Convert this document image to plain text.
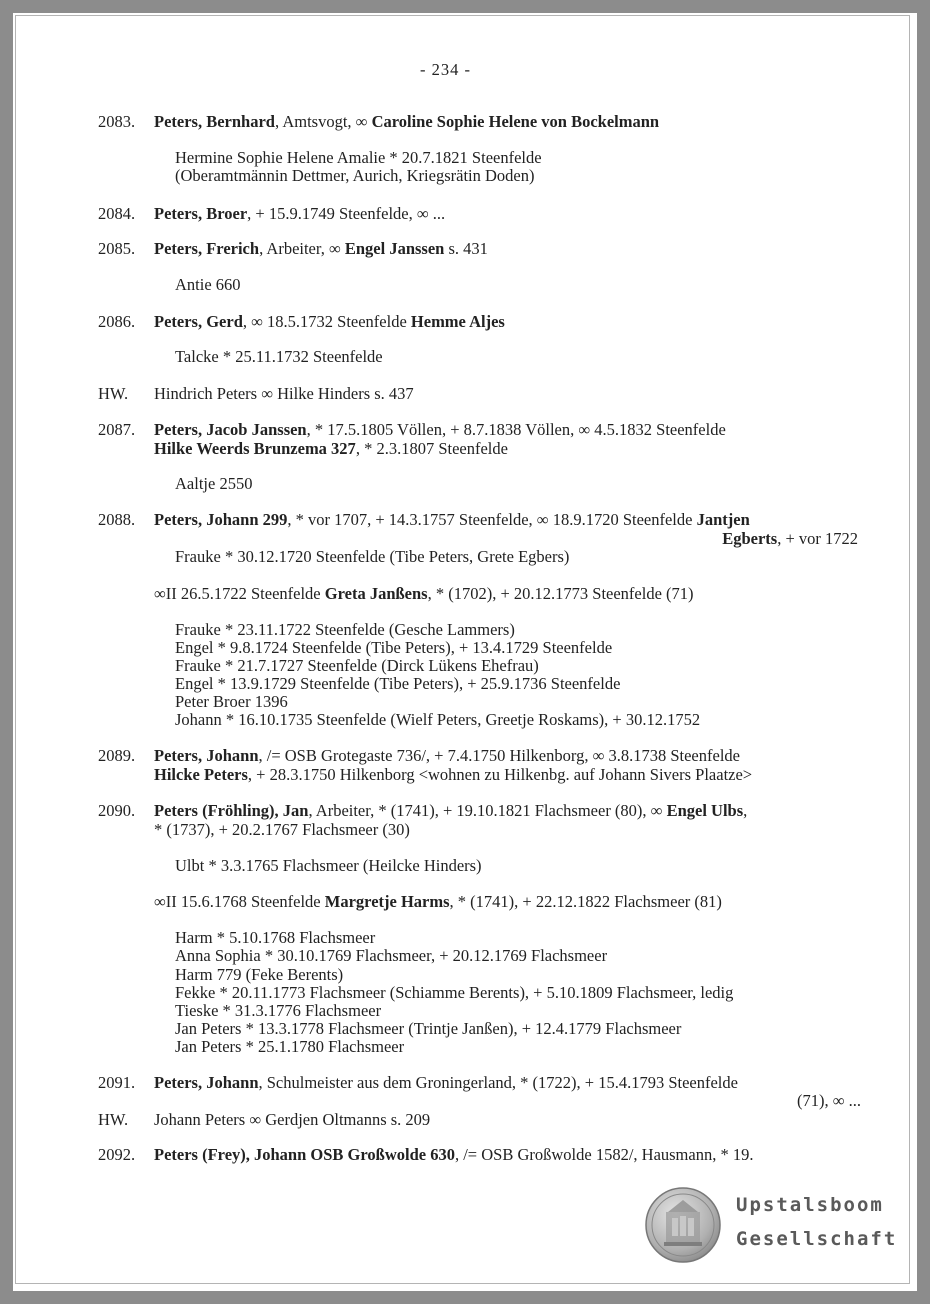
- 234 -
2083. Peters, Bernhard, Amtsvogt, ∞ Caroline Sophie Helene von Bockelmann
Hermine Sophie Helene Amalie * 20.7.1821 Steenfelde
(Oberamtmännin Dettmer, Aurich, Kriegsrätin Doden)
2084. Peters, Broer, + 15.9.1749 Steenfelde, ∞ ...
2085. Peters, Frerich, Arbeiter, ∞ Engel Janssen s. 431
Antie 660
2086. Peters, Gerd, ∞ 18.5.1732 Steenfelde Hemme Aljes
Talcke * 25.11.1732 Steenfelde
HW. Hindrich Peters ∞ Hilke Hinders s. 437
2087. Peters, Jacob Janssen, * 17.5.1805 Völlen, + 8.7.1838 Völlen, ∞ 4.5.1832 Steenfelde
Hilke Weerds Brunzema 327, * 2.3.1807 Steenfelde
Aaltje 2550
2088. Peters, Johann 299, * vor 1707, + 14.3.1757 Steenfelde, ∞ 18.9.1720 Steenfelde Jantjen
Egberts, + vor 1722
Frauke * 30.12.1720 Steenfelde (Tibe Peters, Grete Egbers)
∞II 26.5.1722 Steenfelde Greta Janßens, * (1702), + 20.12.1773 Steenfelde (71)
Frauke * 23.11.1722 Steenfelde (Gesche Lammers)
Engel * 9.8.1724 Steenfelde (Tibe Peters), + 13.4.1729 Steenfelde
Frauke * 21.7.1727 Steenfelde (Dirck Lükens Ehefrau)
Engel * 13.9.1729 Steenfelde (Tibe Peters), + 25.9.1736 Steenfelde
Peter Broer 1396
Johann * 16.10.1735 Steenfelde (Wielf Peters, Greetje Roskams), + 30.12.1752
2089. Peters, Johann, /= OSB Grotegaste 736/, + 7.4.1750 Hilkenborg, ∞ 3.8.1738 Steenfelde
Hilcke Peters, + 28.3.1750 Hilkenborg <wohnen zu Hilkenbg. auf Johann Sivers Plaatze>
2090. Peters (Fröhling), Jan, Arbeiter, * (1741), + 19.10.1821 Flachsmeer (80), ∞ Engel Ulbs,
* (1737), + 20.2.1767 Flachsmeer (30)
Ulbt * 3.3.1765 Flachsmeer (Heilcke Hinders)
∞II 15.6.1768 Steenfelde Margretje Harms, * (1741), + 22.12.1822 Flachsmeer (81)
Harm * 5.10.1768 Flachsmeer
Anna Sophia * 30.10.1769 Flachsmeer, + 20.12.1769 Flachsmeer
Harm 779 (Feke Berents)
Fekke * 20.11.1773 Flachsmeer (Schiamme Berents), + 5.10.1809 Flachsmeer, ledig
Tieske * 31.3.1776 Flachsmeer
Jan Peters * 13.3.1778 Flachsmeer (Trintje Janßen), + 12.4.1779 Flachsmeer
Jan Peters * 25.1.1780 Flachsmeer
2091. Peters, Johann, Schulmeister aus dem Groningerland, * (1722), + 15.4.1793 Steenfelde
(71), ∞ ...
HW. Johann Peters ∞ Gerdjen Oltmanns s. 209
2092. Peters (Frey), Johann OSB Großwolde 630, /= OSB Großwolde 1582/, Hausmann, * 19.
Upstalsboom
Gesellschaft
